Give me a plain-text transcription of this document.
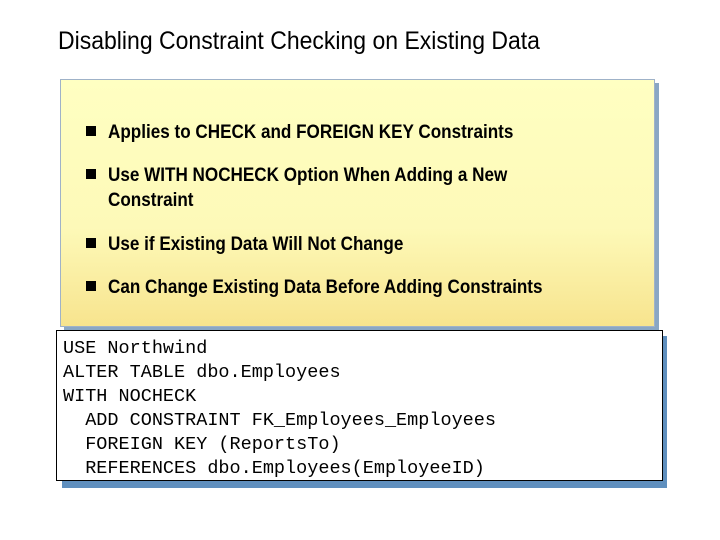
Disabling Constraint Checking on Existing Data
Applies to CHECK and FOREIGN KEY Constraints
Use WITH NOCHECK Option When Adding a New Constraint
Use if Existing Data Will Not Change
Can Change Existing Data Before Adding Constraints
USE Northwind
ALTER TABLE dbo.Employees
WITH NOCHECK
ADD CONSTRAINT FK_Employees_Employees
FOREIGN KEY (ReportsTo)
REFERENCES dbo.Employees(EmployeeID)
